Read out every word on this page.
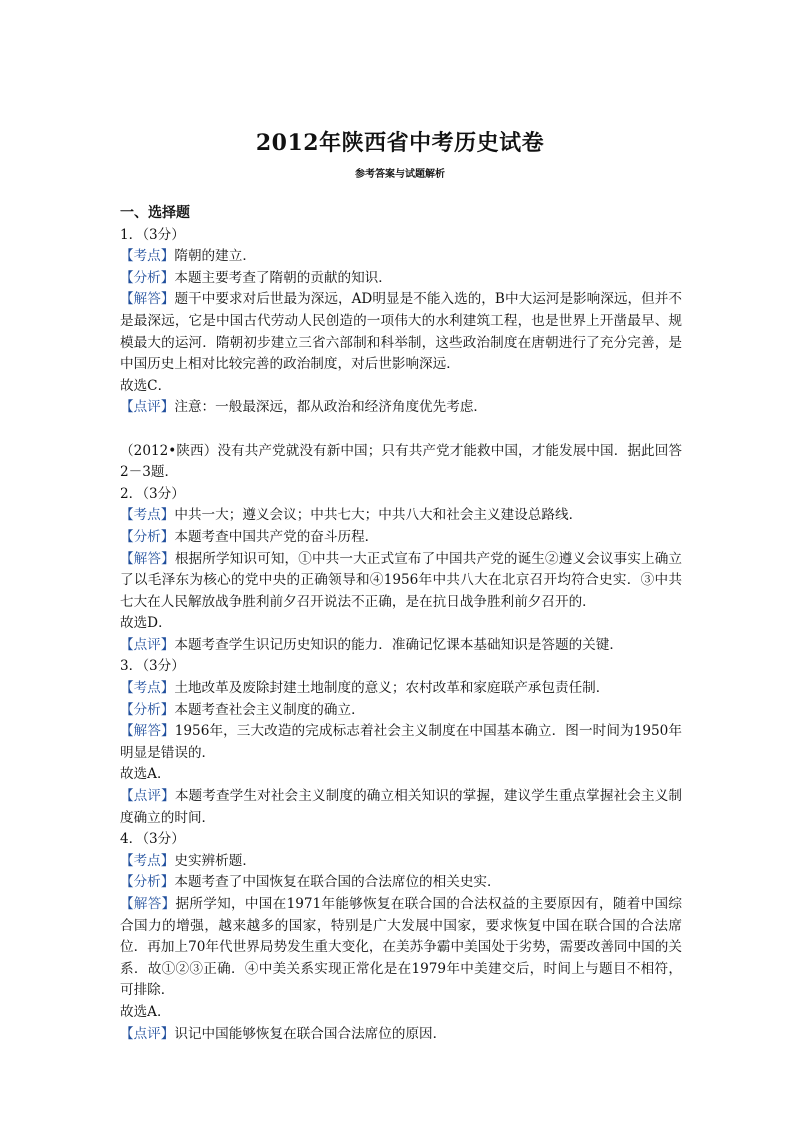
2012年陕西省中考历史试卷
参考答案与试题解析
一、选择题
1．（3分）
【考点】隋朝的建立．
【分析】本题主要考查了隋朝的贡献的知识．
【解答】题干中要求对后世最为深远，AD明显是不能入选的，B中大运河是影响深远，但并不是最深远，它是中国古代劳动人民创造的一项伟大的水利建筑工程，也是世界上开凿最早、规模最大的运河．隋朝初步建立三省六部制和科举制，这些政治制度在唐朝进行了充分完善，是中国历史上相对比较完善的政治制度，对后世影响深远．
故选C．
【点评】注意：一般最深远，都从政治和经济角度优先考虑．
（2012•陕西）没有共产党就没有新中国；只有共产党才能救中国，才能发展中国．据此回答2－3题．
2．（3分）
【考点】中共一大；遵义会议；中共七大；中共八大和社会主义建设总路线．
【分析】本题考查中国共产党的奋斗历程．
【解答】根据所学知识可知，①中共一大正式宣布了中国共产党的诞生②遵义会议事实上确立了以毛泽东为核心的党中央的正确领导和④1956年中共八大在北京召开均符合史实．③中共七大在人民解放战争胜利前夕召开说法不正确，是在抗日战争胜利前夕召开的．
故选D．
【点评】本题考查学生识记历史知识的能力．准确记忆课本基础知识是答题的关键．
3．（3分）
【考点】土地改革及废除封建土地制度的意义；农村改革和家庭联产承包责任制．
【分析】本题考查社会主义制度的确立．
【解答】1956年，三大改造的完成标志着社会主义制度在中国基本确立．图一时间为1950年明显是错误的．
故选A．
【点评】本题考查学生对社会主义制度的确立相关知识的掌握，建议学生重点掌握社会主义制度确立的时间．
4．（3分）
【考点】史实辨析题．
【分析】本题考查了中国恢复在联合国的合法席位的相关史实．
【解答】据所学知，中国在1971年能够恢复在联合国的合法权益的主要原因有，随着中国综合国力的增强，越来越多的国家，特别是广大发展中国家，要求恢复中国在联合国的合法席位．再加上70年代世界局势发生重大变化，在美苏争霸中美国处于劣势，需要改善同中国的关系．故①②③正确．④中美关系实现正常化是在1979年中美建交后，时间上与题目不相符，可排除．
故选A．
【点评】识记中国能够恢复在联合国合法席位的原因．
